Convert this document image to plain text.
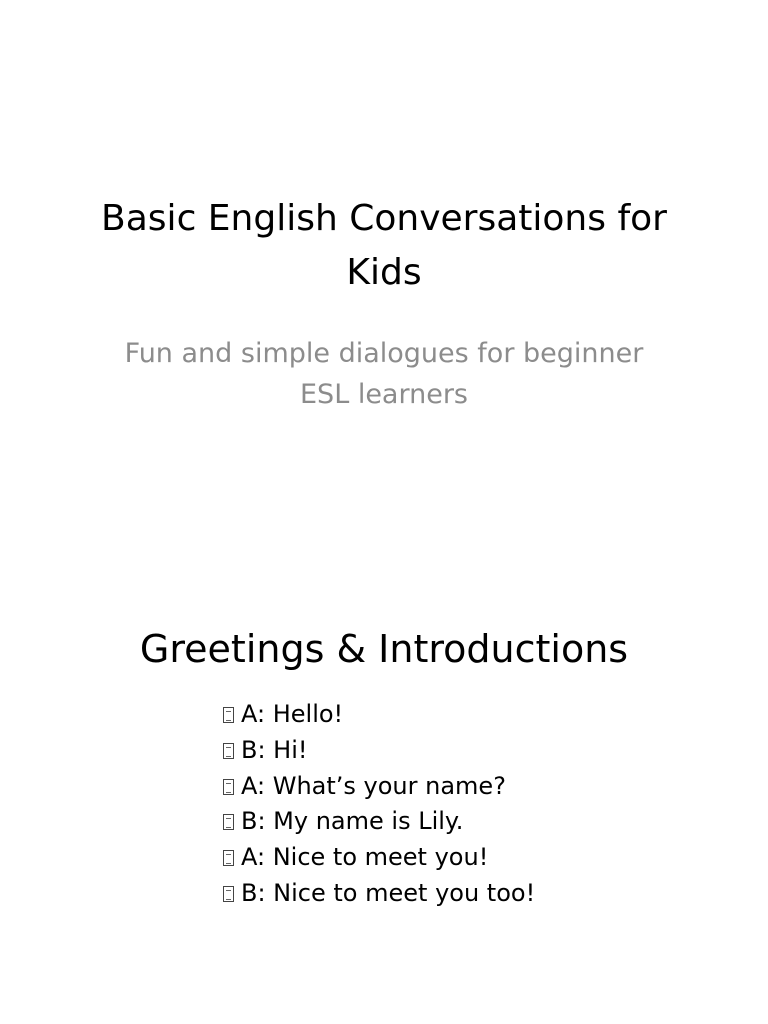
Basic English Conversations for Kids

Fun and simple dialogues for beginner ESL learners

Greetings & Introductions
A: Hello!
B: Hi!
A: What’s your name?
B: My name is Lily.
A: Nice to meet you!
B: Nice to meet you too!
